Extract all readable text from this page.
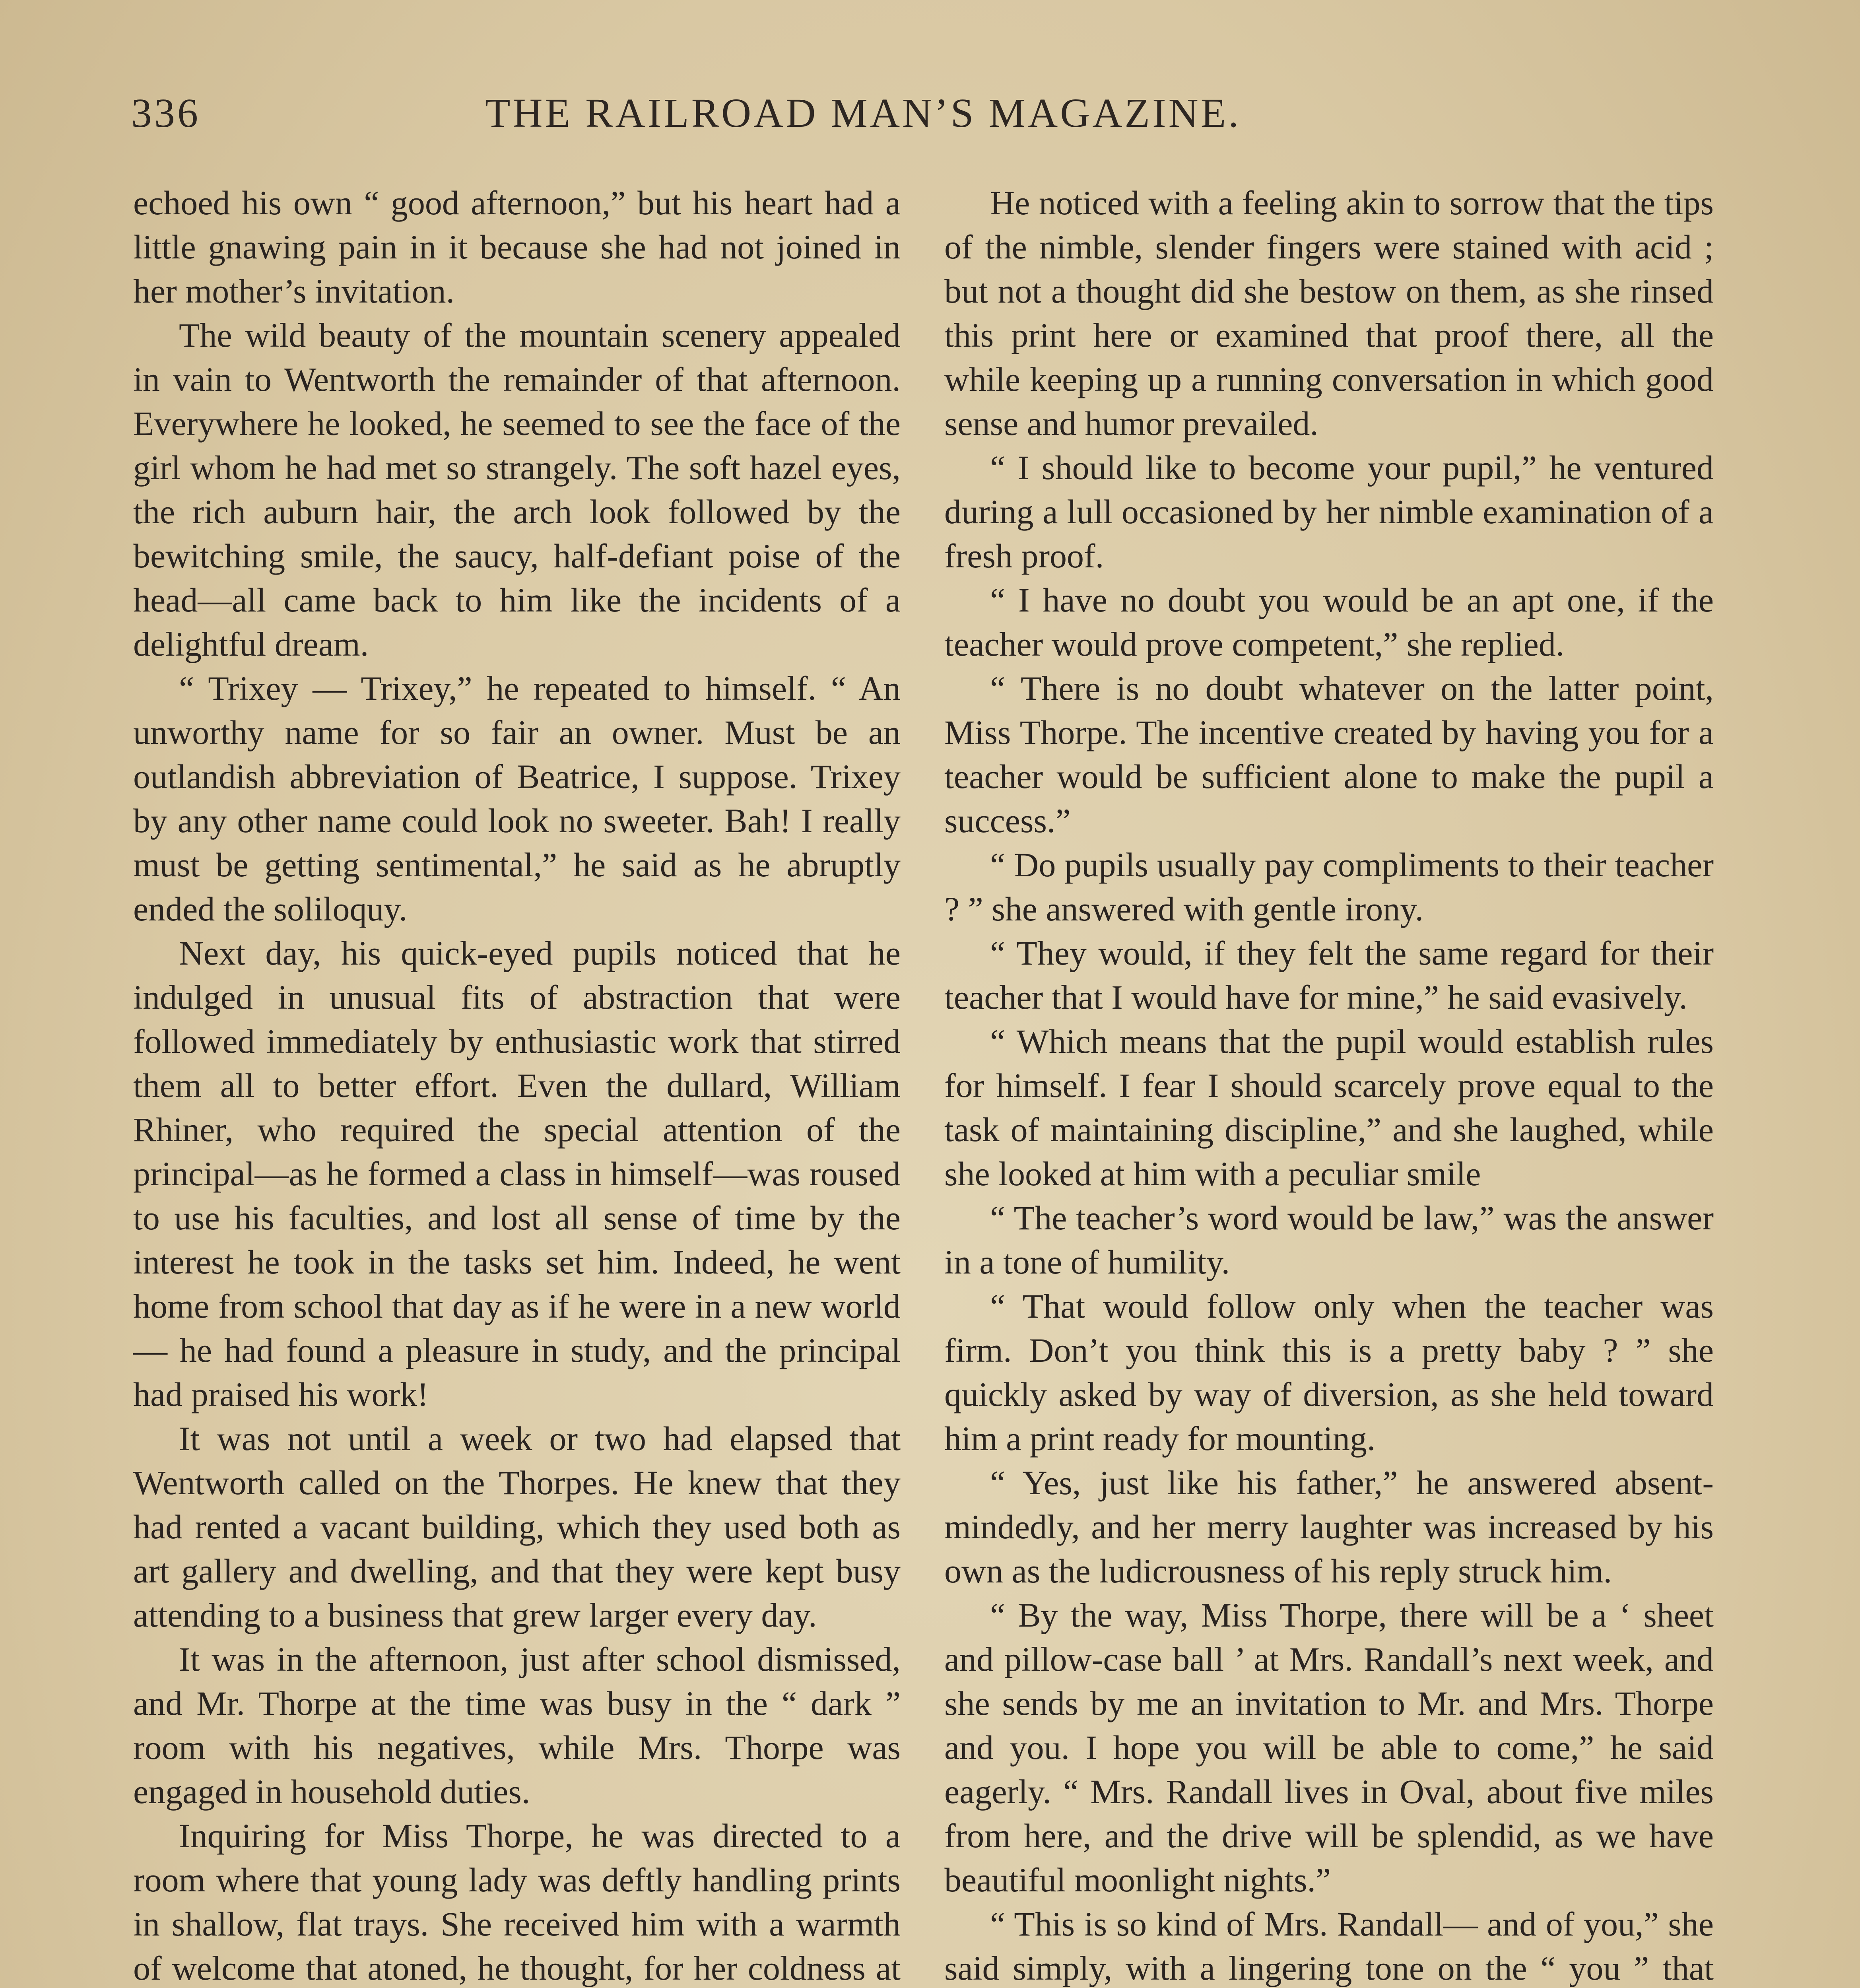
336	THE RAILROAD MAN’S MAGAZINE.

echoed his own “ good afternoon,” but his heart had a little gnawing pain in it because she had not joined in her mother’s invitation.

The wild beauty of the mountain scenery appealed in vain to Wentworth the remainder of that afternoon. Everywhere he looked, he seemed to see the face of the girl whom he had met so strangely. The soft hazel eyes, the rich auburn hair, the arch look followed by the bewitching smile, the saucy, half-defiant poise of the head—all came back to him like the incidents of a delightful dream.

“ Trixey — Trixey,” he repeated to himself. “ An unworthy name for so fair an owner. Must be an outlandish abbreviation of Beatrice, I suppose. Trixey by any other name could look no sweeter. Bah! I really must be getting sentimental,” he said as he abruptly ended the soliloquy.

Next day, his quick-eyed pupils noticed that he indulged in unusual fits of abstraction that were followed immediately by enthusiastic work that stirred them all to better effort. Even the dullard, William Rhiner, who required the special attention of the principal—as he formed a class in himself—was roused to use his faculties, and lost all sense of time by the interest he took in the tasks set him. Indeed, he went home from school that day as if he were in a new world — he had found a pleasure in study, and the principal had praised his work!

It was not until a week or two had elapsed that Wentworth called on the Thorpes. He knew that they had rented a vacant building, which they used both as art gallery and dwelling, and that they were kept busy attending to a business that grew larger every day.

It was in the afternoon, just after school dismissed, and Mr. Thorpe at the time was busy in the “ dark ” room with his negatives, while Mrs. Thorpe was engaged in household duties.

Inquiring for Miss Thorpe, he was directed to a room where that young lady was deftly handling prints in shallow, flat trays. She received him with a warmth of welcome that atoned, he thought, for her coldness at

He noticed with a feeling akin to sorrow that the tips of the nimble, slender fingers were stained with acid ; but not a thought did she bestow on them, as she rinsed this print here or examined that proof there, all the while keeping up a running conversation in which good sense and humor prevailed.

“ I should like to become your pupil,” he ventured during a lull occasioned by her nimble examination of a fresh proof.

“ I have no doubt you would be an apt one, if the teacher would prove competent,” she replied.

“ There is no doubt whatever on the latter point, Miss Thorpe. The incentive created by having you for a teacher would be sufficient alone to make the pupil a success.”

“ Do pupils usually pay compliments to their teacher ? ” she answered with gentle irony.

“ They would, if they felt the same regard for their teacher that I would have for mine,” he said evasively.

“ Which means that the pupil would establish rules for himself. I fear I should scarcely prove equal to the task of maintaining discipline,” and she laughed, while she looked at him with a peculiar smile

“ The teacher’s word would be law,” was the answer in a tone of humility.

“ That would follow only when the teacher was firm. Don’t you think this is a pretty baby ? ” she quickly asked by way of diversion, as she held toward him a print ready for mounting.

“ Yes, just like his father,” he answered absent-mindedly, and her merry laughter was increased by his own as the ludicrousness of his reply struck him.

“ By the way, Miss Thorpe, there will be a ‘ sheet and pillow-case ball ’ at Mrs. Randall’s next week, and she sends by me an invitation to Mr. and Mrs. Thorpe and you. I hope you will be able to come,” he said eagerly. “ Mrs. Randall lives in Oval, about five miles from here, and the drive will be splendid, as we have beautiful moonlight nights.”

“ This is so kind of Mrs. Randall— and of you,” she said simply, with a lingering tone on the “ you ” that
